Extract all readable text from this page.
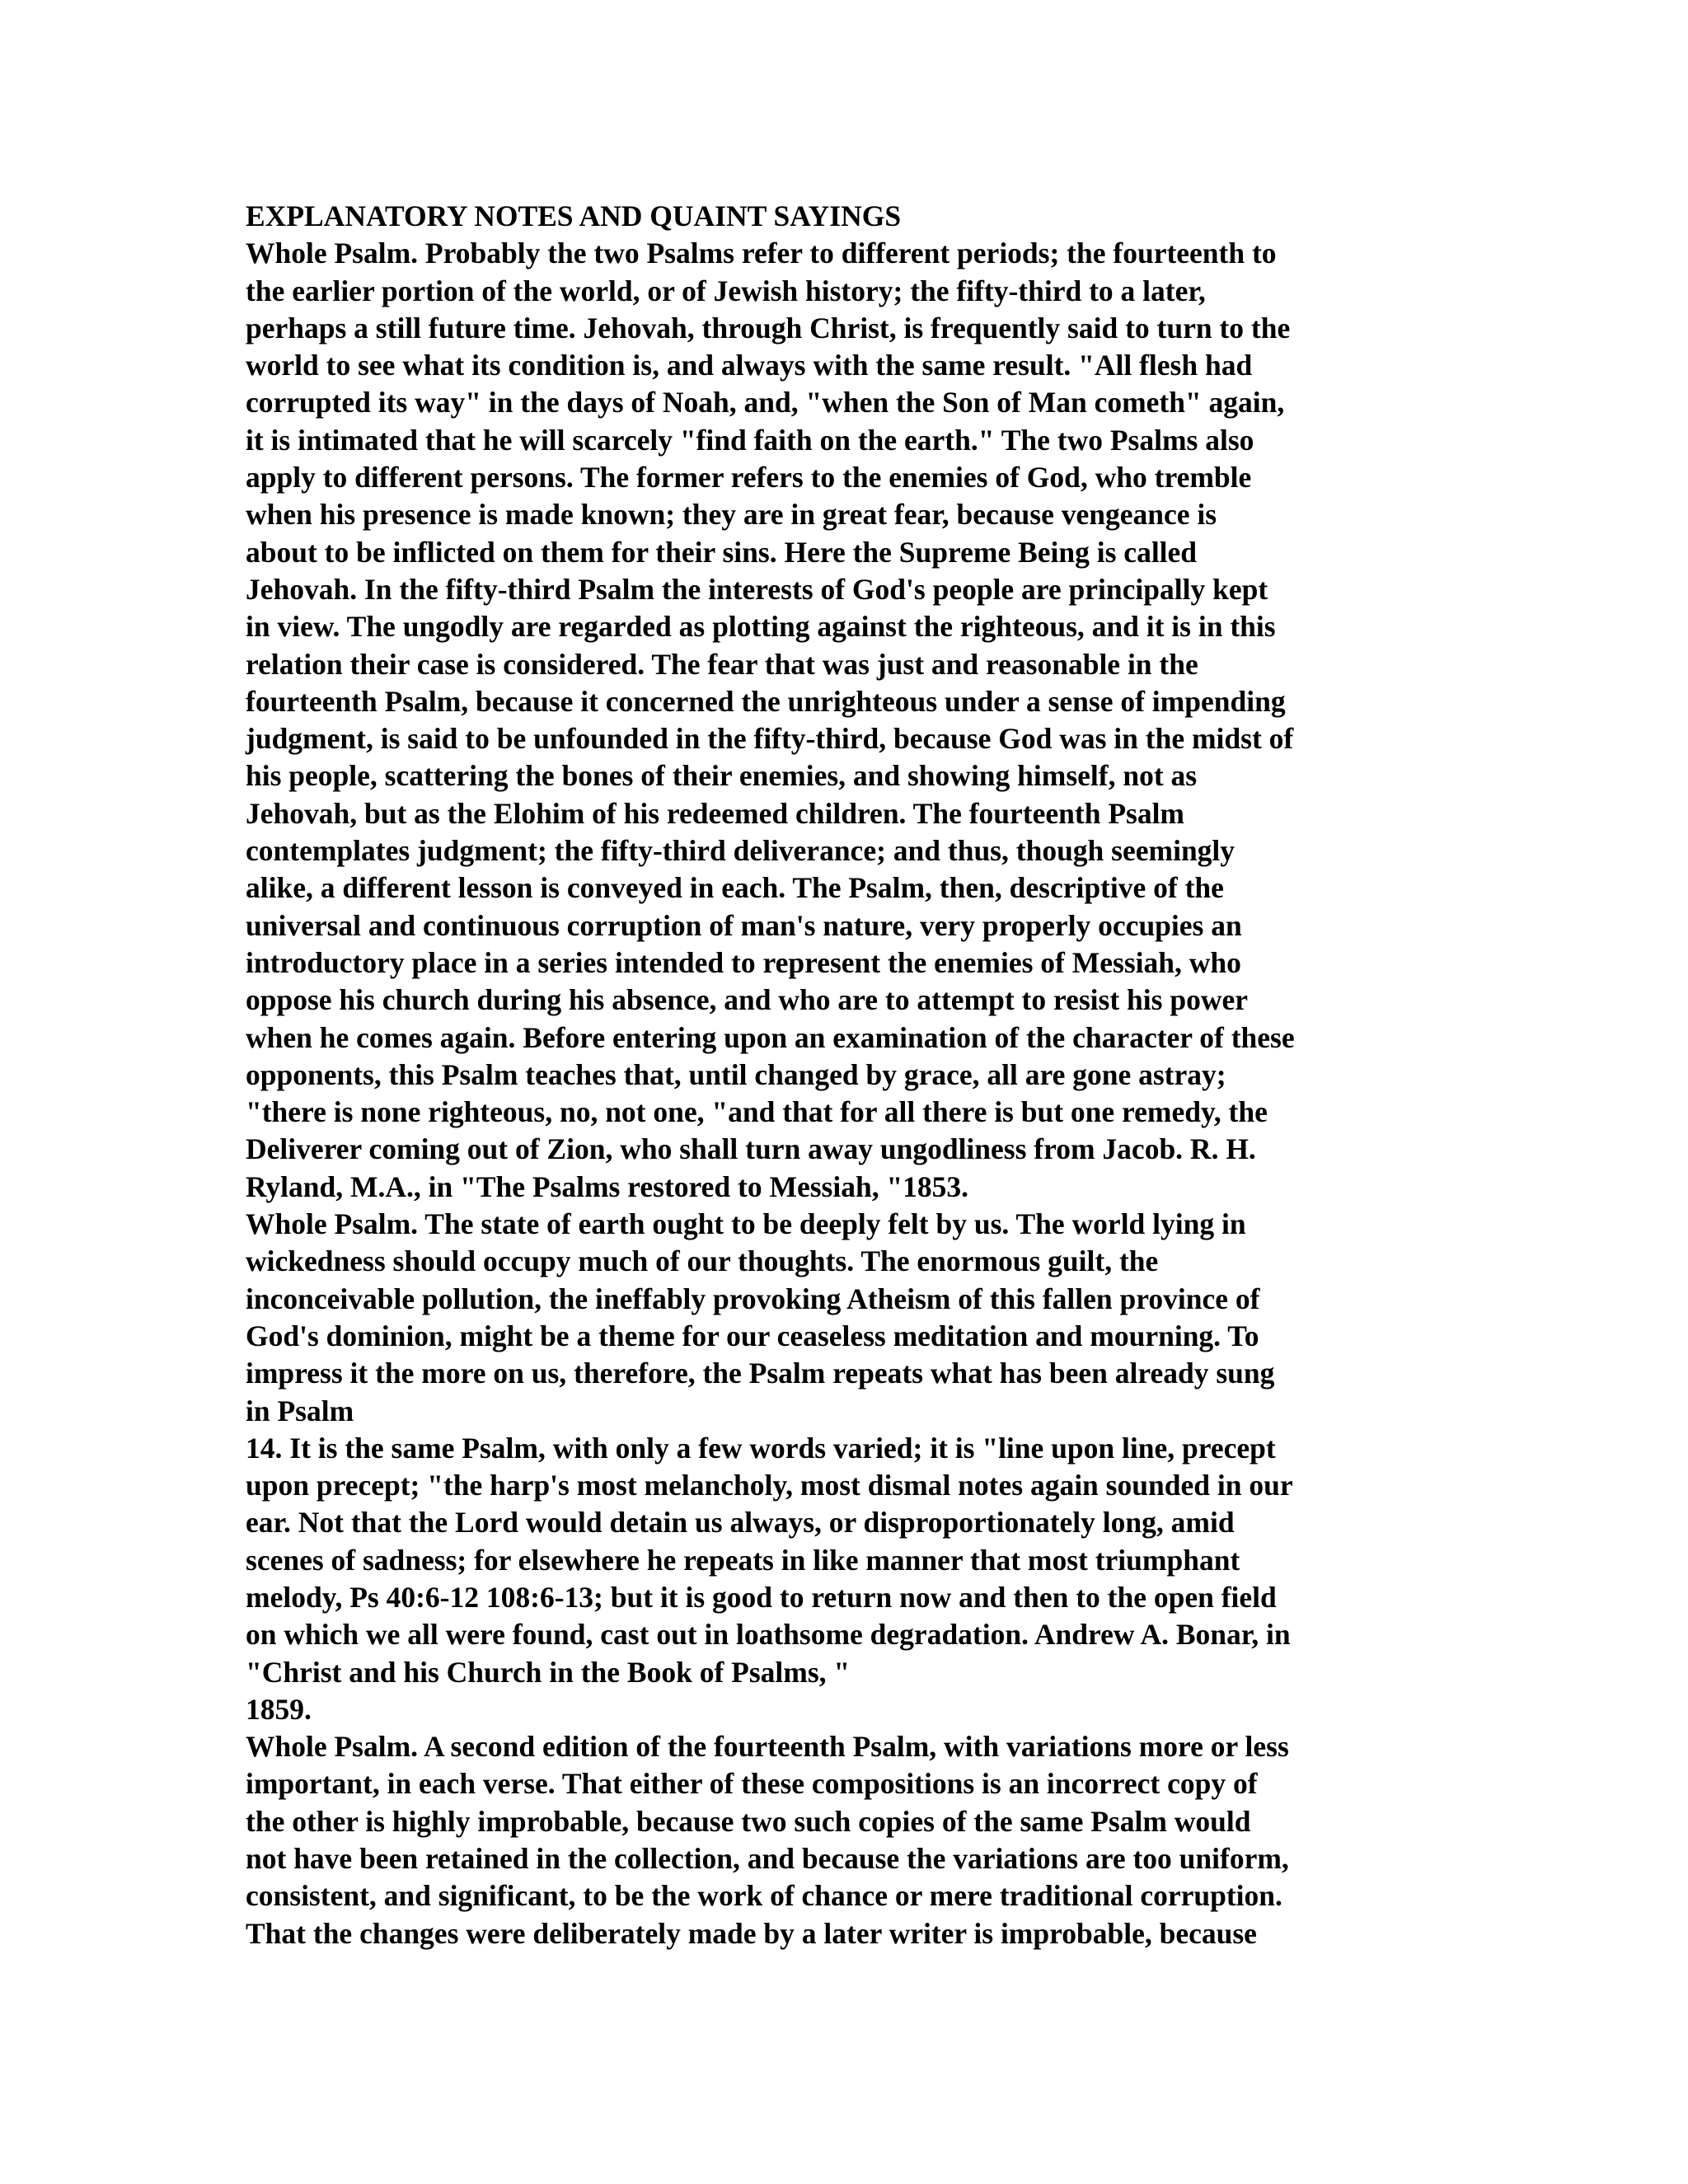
EXPLANATORY NOTES AND QUAINT SAYINGS
Whole Psalm. Probably the two Psalms refer to different periods; the fourteenth to
the earlier portion of the world, or of Jewish history; the fifty-third to a later,
perhaps a still future time. Jehovah, through Christ, is frequently said to turn to the
world to see what its condition is, and always with the same result. "All flesh had
corrupted its way" in the days of Noah, and, "when the Son of Man cometh" again,
it is intimated that he will scarcely "find faith on the earth." The two Psalms also
apply to different persons. The former refers to the enemies of God, who tremble
when his presence is made known; they are in great fear, because vengeance is
about to be inflicted on them for their sins. Here the Supreme Being is called
Jehovah. In the fifty-third Psalm the interests of God's people are principally kept
in view. The ungodly are regarded as plotting against the righteous, and it is in this
relation their case is considered. The fear that was just and reasonable in the
fourteenth Psalm, because it concerned the unrighteous under a sense of impending
judgment, is said to be unfounded in the fifty-third, because God was in the midst of
his people, scattering the bones of their enemies, and showing himself, not as
Jehovah, but as the Elohim of his redeemed children. The fourteenth Psalm
contemplates judgment; the fifty-third deliverance; and thus, though seemingly
alike, a different lesson is conveyed in each. The Psalm, then, descriptive of the
universal and continuous corruption of man's nature, very properly occupies an
introductory place in a series intended to represent the enemies of Messiah, who
oppose his church during his absence, and who are to attempt to resist his power
when he comes again. Before entering upon an examination of the character of these
opponents, this Psalm teaches that, until changed by grace, all are gone astray;
"there is none righteous, no, not one, "and that for all there is but one remedy, the
Deliverer coming out of Zion, who shall turn away ungodliness from Jacob. R. H.
Ryland, M.A., in "The Psalms restored to Messiah, "1853.
Whole Psalm. The state of earth ought to be deeply felt by us. The world lying in
wickedness should occupy much of our thoughts. The enormous guilt, the
inconceivable pollution, the ineffably provoking Atheism of this fallen province of
God's dominion, might be a theme for our ceaseless meditation and mourning. To
impress it the more on us, therefore, the Psalm repeats what has been already sung
in Psalm
14. It is the same Psalm, with only a few words varied; it is "line upon line, precept
upon precept; "the harp's most melancholy, most dismal notes again sounded in our
ear. Not that the Lord would detain us always, or disproportionately long, amid
scenes of sadness; for elsewhere he repeats in like manner that most triumphant
melody, Ps 40:6-12 108:6-13; but it is good to return now and then to the open field
on which we all were found, cast out in loathsome degradation. Andrew A. Bonar, in
"Christ and his Church in the Book of Psalms, "
1859.
Whole Psalm. A second edition of the fourteenth Psalm, with variations more or less
important, in each verse. That either of these compositions is an incorrect copy of
the other is highly improbable, because two such copies of the same Psalm would
not have been retained in the collection, and because the variations are too uniform,
consistent, and significant, to be the work of chance or mere traditional corruption.
That the changes were deliberately made by a later writer is improbable, because
